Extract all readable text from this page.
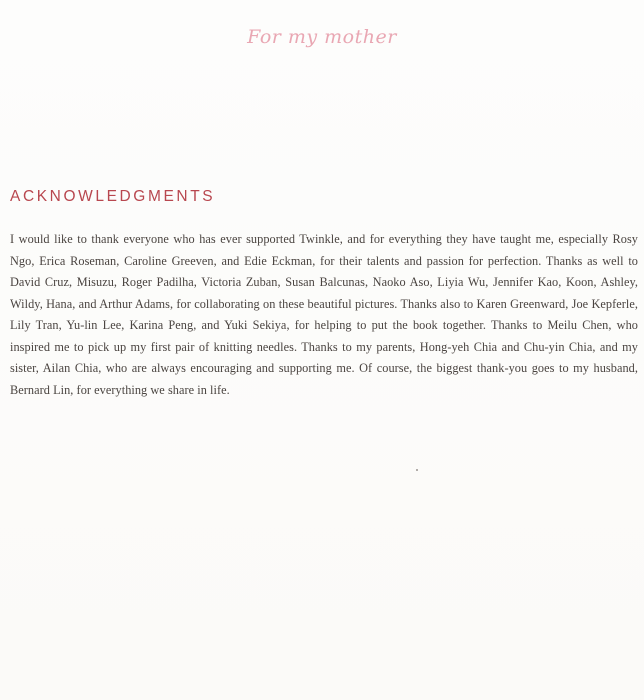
For my mother
ACKNOWLEDGMENTS

I would like to thank everyone who has ever supported Twinkle, and for everything they have taught me, especially Rosy Ngo, Erica Roseman, Caroline Greeven, and Edie Eckman, for their talents and passion for perfection. Thanks as well to David Cruz, Misuzu, Roger Padilha, Victoria Zuban, Susan Balcunas, Naoko Aso, Liyia Wu, Jennifer Kao, Koon, Ashley, Wildy, Hana, and Arthur Adams, for collaborating on these beautiful pictures. Thanks also to Karen Greenward, Joe Kepferle, Lily Tran, Yu-lin Lee, Karina Peng, and Yuki Sekiya, for helping to put the book together. Thanks to Meilu Chen, who inspired me to pick up my first pair of knitting needles. Thanks to my parents, Hong-yeh Chia and Chu-yin Chia, and my sister, Ailan Chia, who are always encouraging and supporting me. Of course, the biggest thank-you goes to my husband, Bernard Lin, for everything we share in life.
